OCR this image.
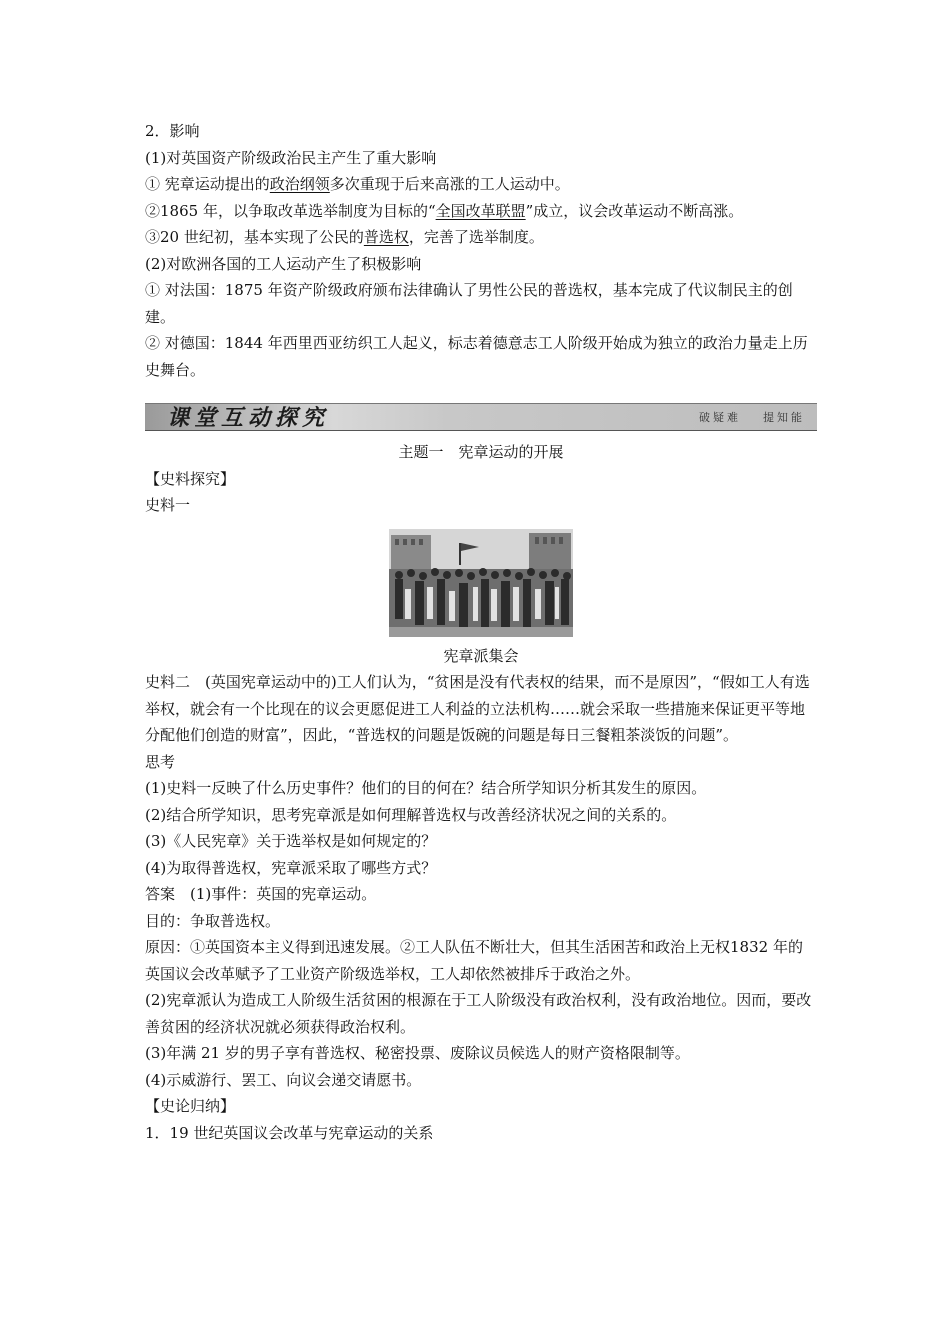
2．影响
(1)对英国资产阶级政治民主产生了重大影响
① 宪章运动提出的政治纲领多次重现于后来高涨的工人运动中。
②1865 年，以争取改革选举制度为目标的“全国改革联盟”成立，议会改革运动不断高涨。
③20 世纪初，基本实现了公民的普选权，完善了选举制度。
(2)对欧洲各国的工人运动产生了积极影响
① 对法国：1875 年资产阶级政府颁布法律确认了男性公民的普选权，基本完成了代议制民主的创建。
② 对德国：1844 年西里西亚纺织工人起义，标志着德意志工人阶级开始成为独立的政治力量走上历史舞台。
课堂互动探究	破疑难 提知能
主题一　宪章运动的开展
【史料探究】
史料一
宪章派集会
史料二　(英国宪章运动中的)工人们认为，“贫困是没有代表权的结果，而不是原因”，“假如工人有选举权，就会有一个比现在的议会更愿促进工人利益的立法机构……就会采取一些措施来保证更平等地分配他们创造的财富”，因此，“普选权的问题是饭碗的问题是每日三餐粗茶淡饭的问题”。
思考
(1)史料一反映了什么历史事件？他们的目的何在？结合所学知识分析其发生的原因。
(2)结合所学知识，思考宪章派是如何理解普选权与改善经济状况之间的关系的。
(3)《人民宪章》关于选举权是如何规定的？
(4)为取得普选权，宪章派采取了哪些方式？
答案　(1)事件：英国的宪章运动。
目的：争取普选权。
原因：①英国资本主义得到迅速发展。②工人队伍不断壮大，但其生活困苦和政治上无权1832 年的英国议会改革赋予了工业资产阶级选举权，工人却依然被排斥于政治之外。
(2)宪章派认为造成工人阶级生活贫困的根源在于工人阶级没有政治权利，没有政治地位。因而，要改善贫困的经济状况就必须获得政治权利。
(3)年满 21 岁的男子享有普选权、秘密投票、废除议员候选人的财产资格限制等。
(4)示威游行、罢工、向议会递交请愿书。
【史论归纳】
1．19 世纪英国议会改革与宪章运动的关系
